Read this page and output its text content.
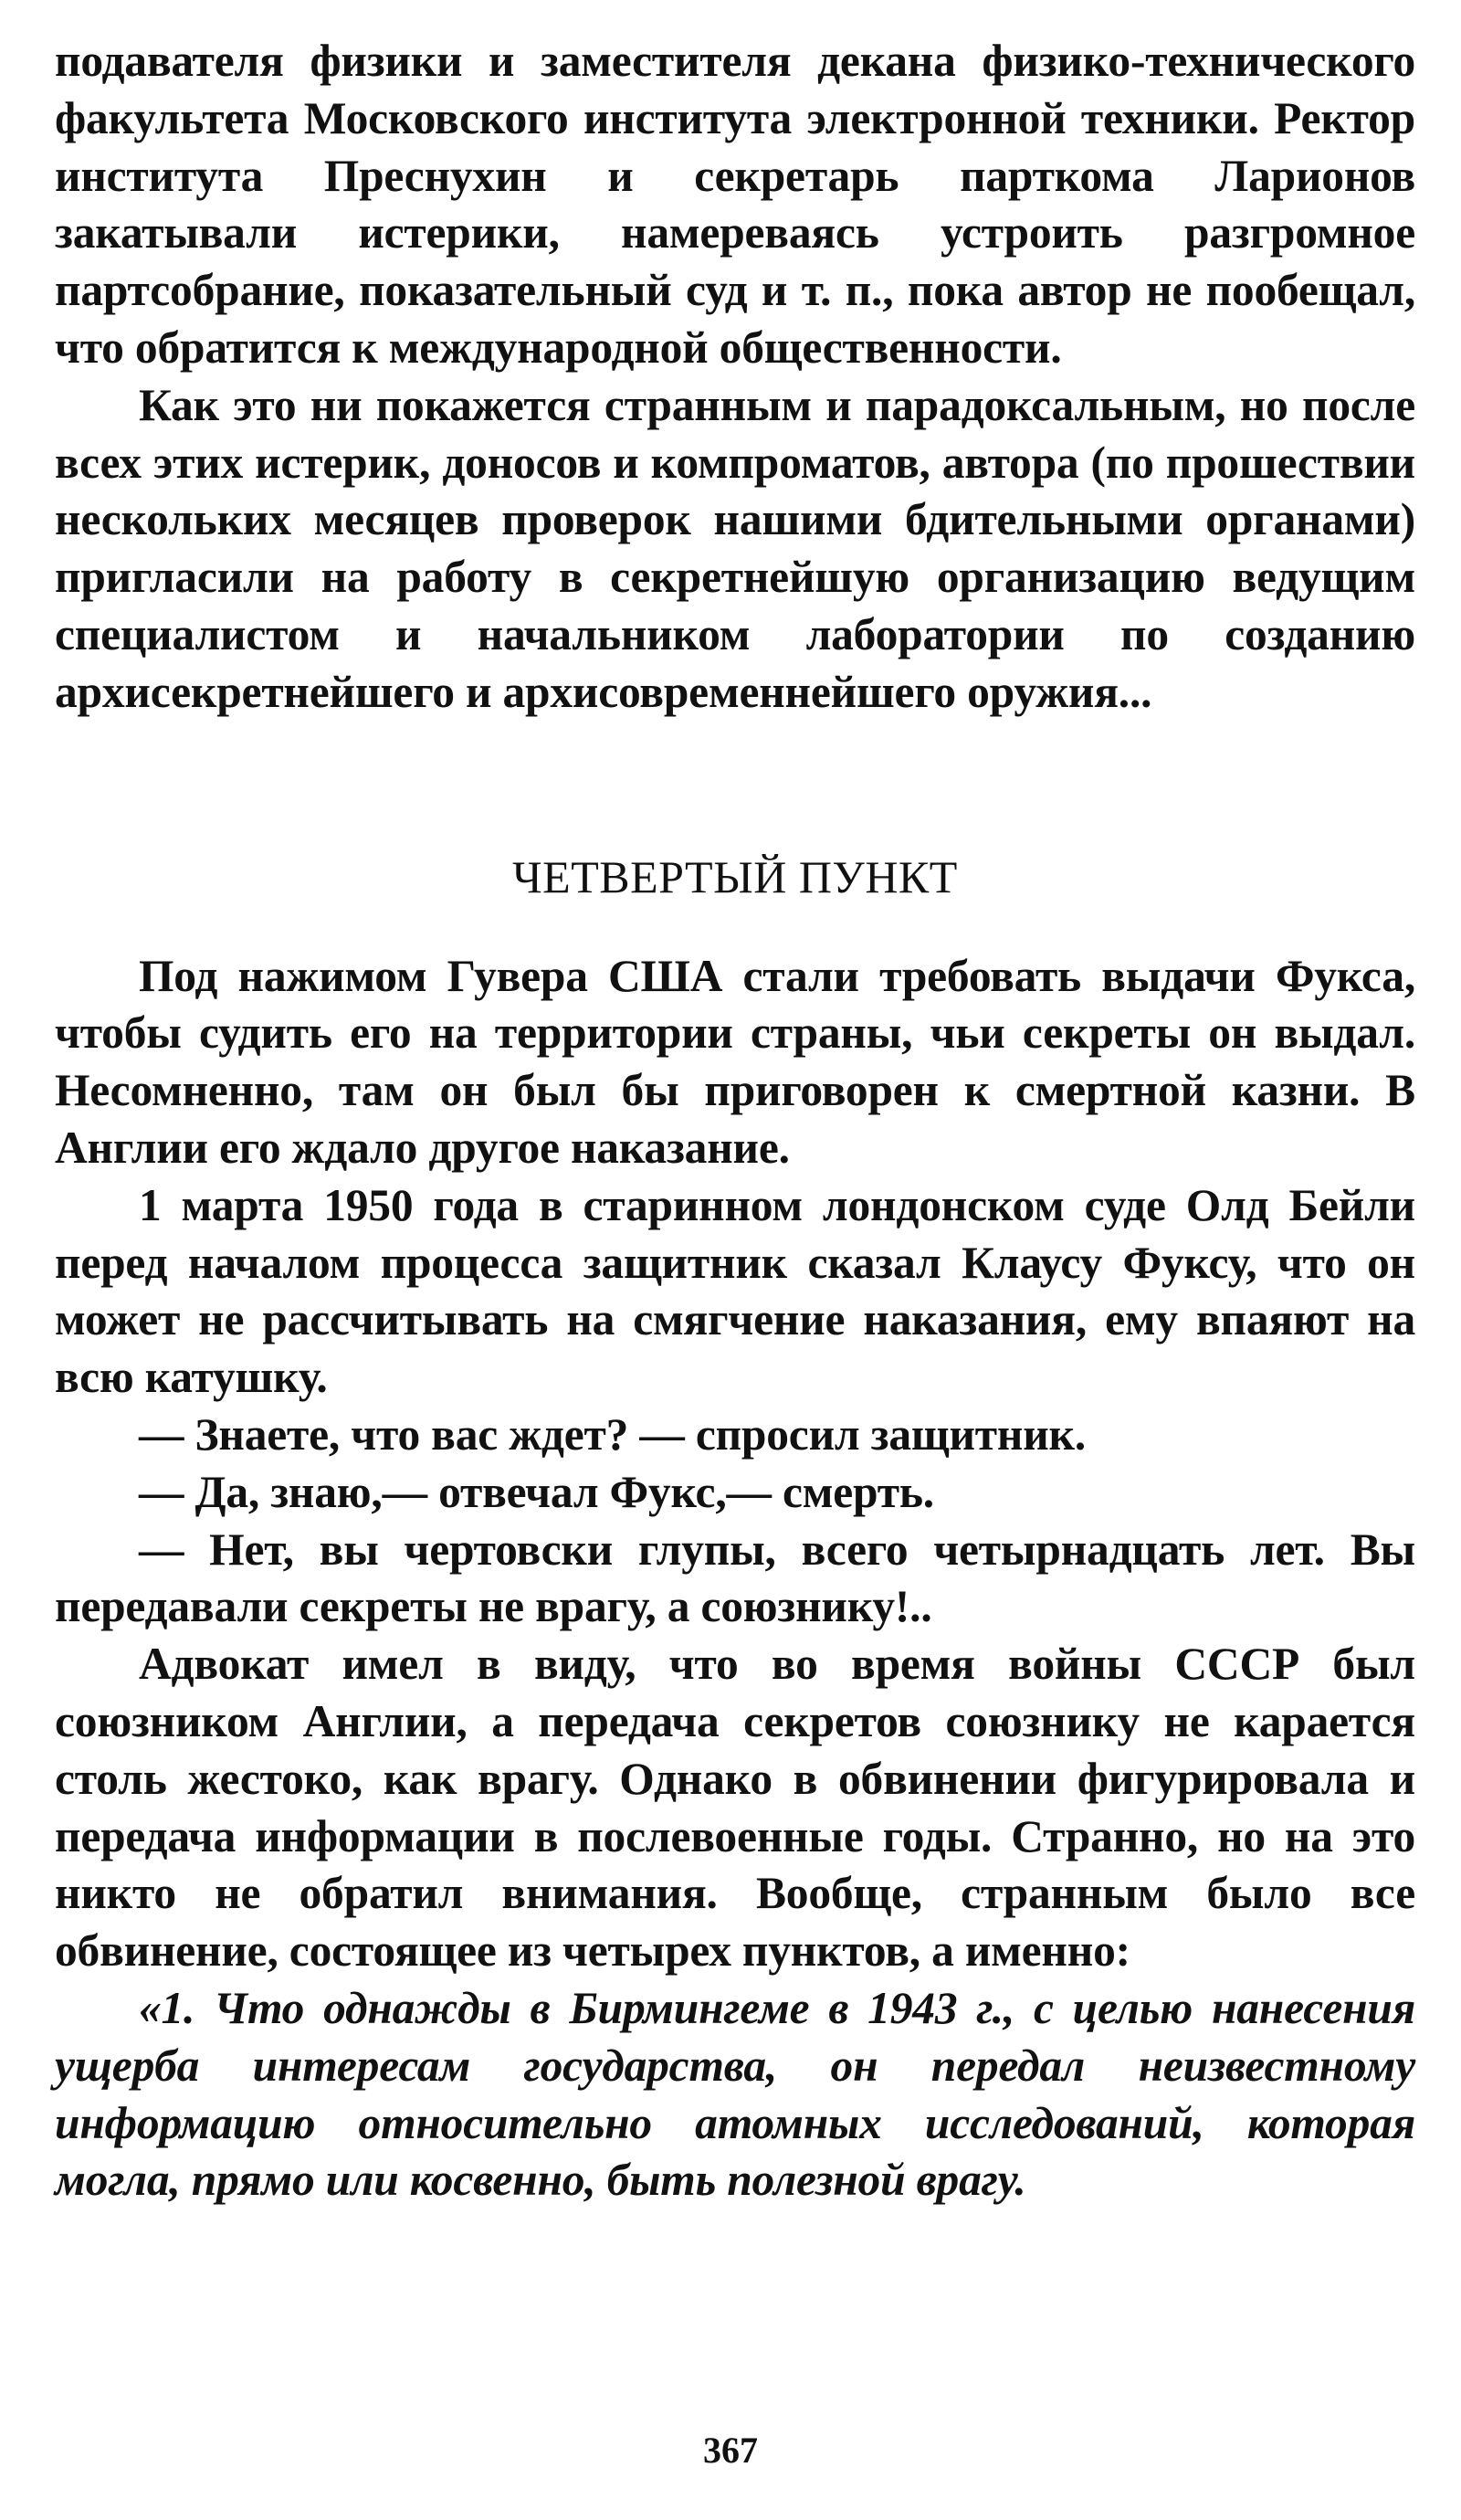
подавателя физики и заместителя декана физико-технического факультета Московского института электронной техники. Ректор института Преснухин и секретарь парткома Ларионов закатывали истерики, намереваясь устроить разгромное партсобрание, показательный суд и т. п., пока автор не пообещал, что обратится к международной общественности.

Как это ни покажется странным и парадоксальным, но после всех этих истерик, доносов и компроматов, автора (по прошествии нескольких месяцев проверок нашими бдительными органами) пригласили на работу в секретнейшую организацию ведущим специалистом и начальником лаборатории по созданию архисекретнейшего и архисовременнейшего оружия...

ЧЕТВЕРТЫЙ ПУНКТ

Под нажимом Гувера США стали требовать выдачи Фукса, чтобы судить его на территории страны, чьи секреты он выдал. Несомненно, там он был бы приговорен к смертной казни. В Англии его ждало другое наказание.

1 марта 1950 года в старинном лондонском суде Олд Бейли перед началом процесса защитник сказал Клаусу Фуксу, что он может не рассчитывать на смягчение наказания, ему впаяют на всю катушку.

— Знаете, что вас ждет? — спросил защитник.

— Да, знаю,— отвечал Фукс,— смерть.

— Нет, вы чертовски глупы, всего четырнадцать лет. Вы передавали секреты не врагу, а союзнику!..

Адвокат имел в виду, что во время войны СССР был союзником Англии, а передача секретов союзнику не карается столь жестоко, как врагу. Однако в обвинении фигурировала и передача информации в послевоенные годы. Странно, но на это никто не обратил внимания. Вообще, странным было все обвинение, состоящее из четырех пунктов, а именно:

«1. Что однажды в Бирмингеме в 1943 г., с целью нанесения ущерба интересам государства, он передал неизвестному информацию относительно атомных исследований, которая могла, прямо или косвенно, быть полезной врагу.

367
